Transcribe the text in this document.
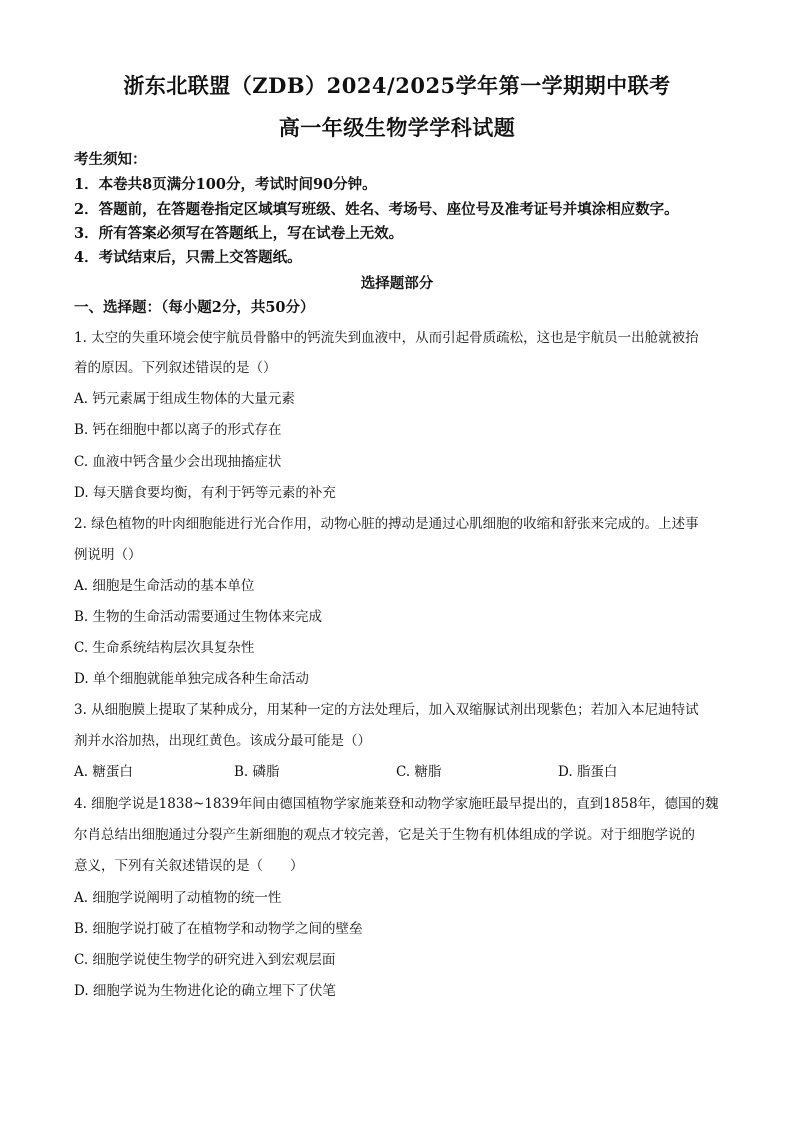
浙东北联盟（ZDB）2024/2025学年第一学期期中联考
高一年级生物学学科试题
考生须知：
1．本卷共8页满分100分，考试时间90分钟。
2．答题前，在答题卷指定区域填写班级、姓名、考场号、座位号及准考证号并填涂相应数字。
3．所有答案必须写在答题纸上，写在试卷上无效。
4．考试结束后，只需上交答题纸。
选择题部分
一、选择题：（每小题2分，共50分）
1. 太空的失重环境会使宇航员骨骼中的钙流失到血液中，从而引起骨质疏松，这也是宇航员一出舱就被抬
着的原因。下列叙述错误的是（）
A. 钙元素属于组成生物体的大量元素
B. 钙在细胞中都以离子的形式存在
C. 血液中钙含量少会出现抽搐症状
D. 每天膳食要均衡，有利于钙等元素的补充
2. 绿色植物的叶肉细胞能进行光合作用，动物心脏的搏动是通过心肌细胞的收缩和舒张来完成的。上述事
例说明（）
A. 细胞是生命活动的基本单位
B. 生物的生命活动需要通过生物体来完成
C. 生命系统结构层次具复杂性
D. 单个细胞就能单独完成各种生命活动
3. 从细胞膜上提取了某种成分，用某种一定的方法处理后，加入双缩脲试剂出现紫色；若加入本尼迪特试
剂并水浴加热，出现红黄色。该成分最可能是（）
A. 糖蛋白	B. 磷脂	C. 糖脂	D. 脂蛋白
4. 细胞学说是1838~1839年间由德国植物学家施莱登和动物学家施旺最早提出的，直到1858年，德国的魏
尔肖总结出细胞通过分裂产生新细胞的观点才较完善，它是关于生物有机体组成的学说。对于细胞学说的
意义，下列有关叙述错误的是（　　）
A. 细胞学说阐明了动植物的统一性
B. 细胞学说打破了在植物学和动物学之间的壁垒
C. 细胞学说使生物学的研究进入到宏观层面
D. 细胞学说为生物进化论的确立埋下了伏笔
